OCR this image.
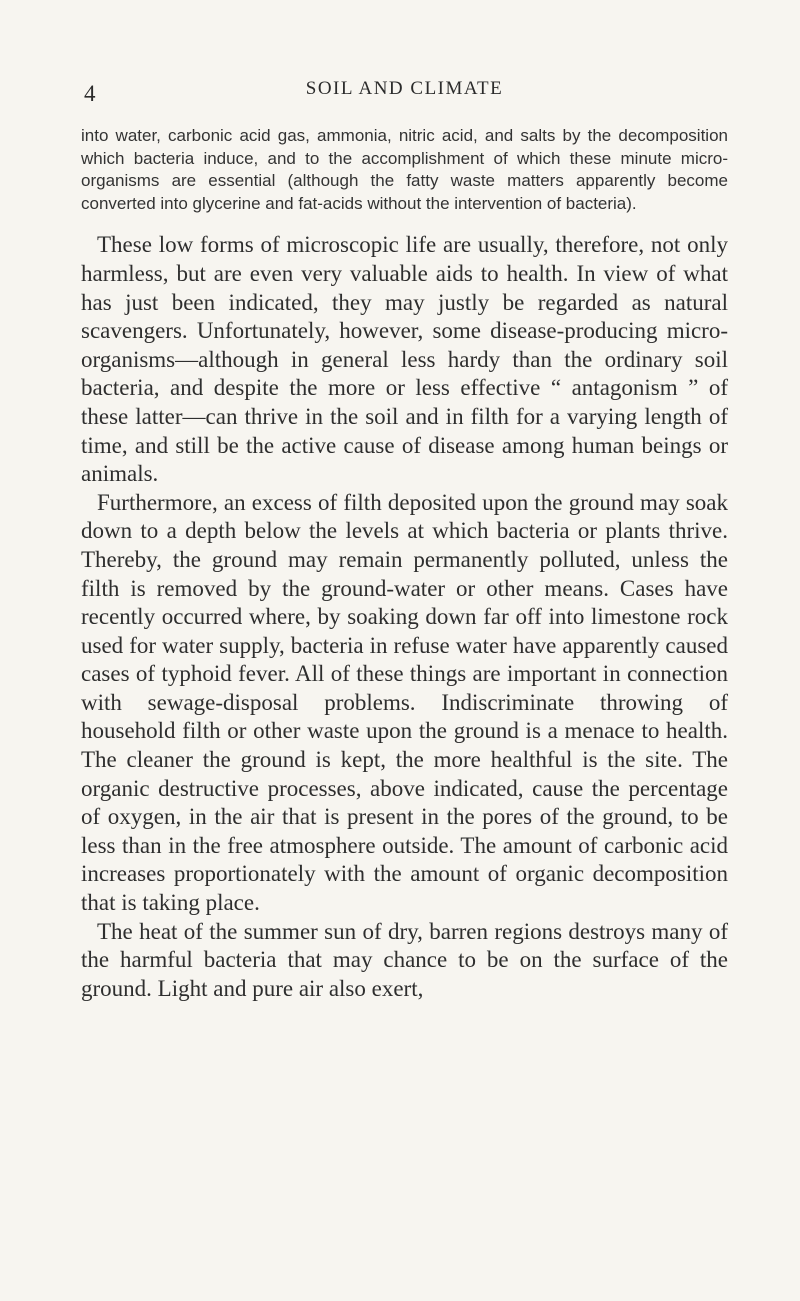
4	SOIL AND CLIMATE

into water, carbonic acid gas, ammonia, nitric acid, and salts by the decomposition which bacteria induce, and to the accomplishment of which these minute micro-organisms are essential (although the fatty waste matters apparently become converted into glycerine and fat-acids without the intervention of bacteria).

These low forms of microscopic life are usually, therefore, not only harmless, but are even very valuable aids to health. In view of what has just been indicated, they may justly be regarded as natural scavengers. Unfortunately, however, some disease-producing micro-organisms—although in general less hardy than the ordinary soil bacteria, and despite the more or less effective “ antagonism ” of these latter—can thrive in the soil and in filth for a varying length of time, and still be the active cause of disease among human beings or animals.

Furthermore, an excess of filth deposited upon the ground may soak down to a depth below the levels at which bacteria or plants thrive. Thereby, the ground may remain permanently polluted, unless the filth is removed by the ground-water or other means. Cases have recently occurred where, by soaking down far off into limestone rock used for water supply, bacteria in refuse water have apparently caused cases of typhoid fever. All of these things are important in connection with sewage-disposal problems. Indiscriminate throwing of household filth or other waste upon the ground is a menace to health. The cleaner the ground is kept, the more healthful is the site. The organic destructive processes, above indicated, cause the percentage of oxygen, in the air that is present in the pores of the ground, to be less than in the free atmosphere outside. The amount of carbonic acid increases proportionately with the amount of organic decomposition that is taking place.

The heat of the summer sun of dry, barren regions destroys many of the harmful bacteria that may chance to be on the surface of the ground. Light and pure air also exert,
